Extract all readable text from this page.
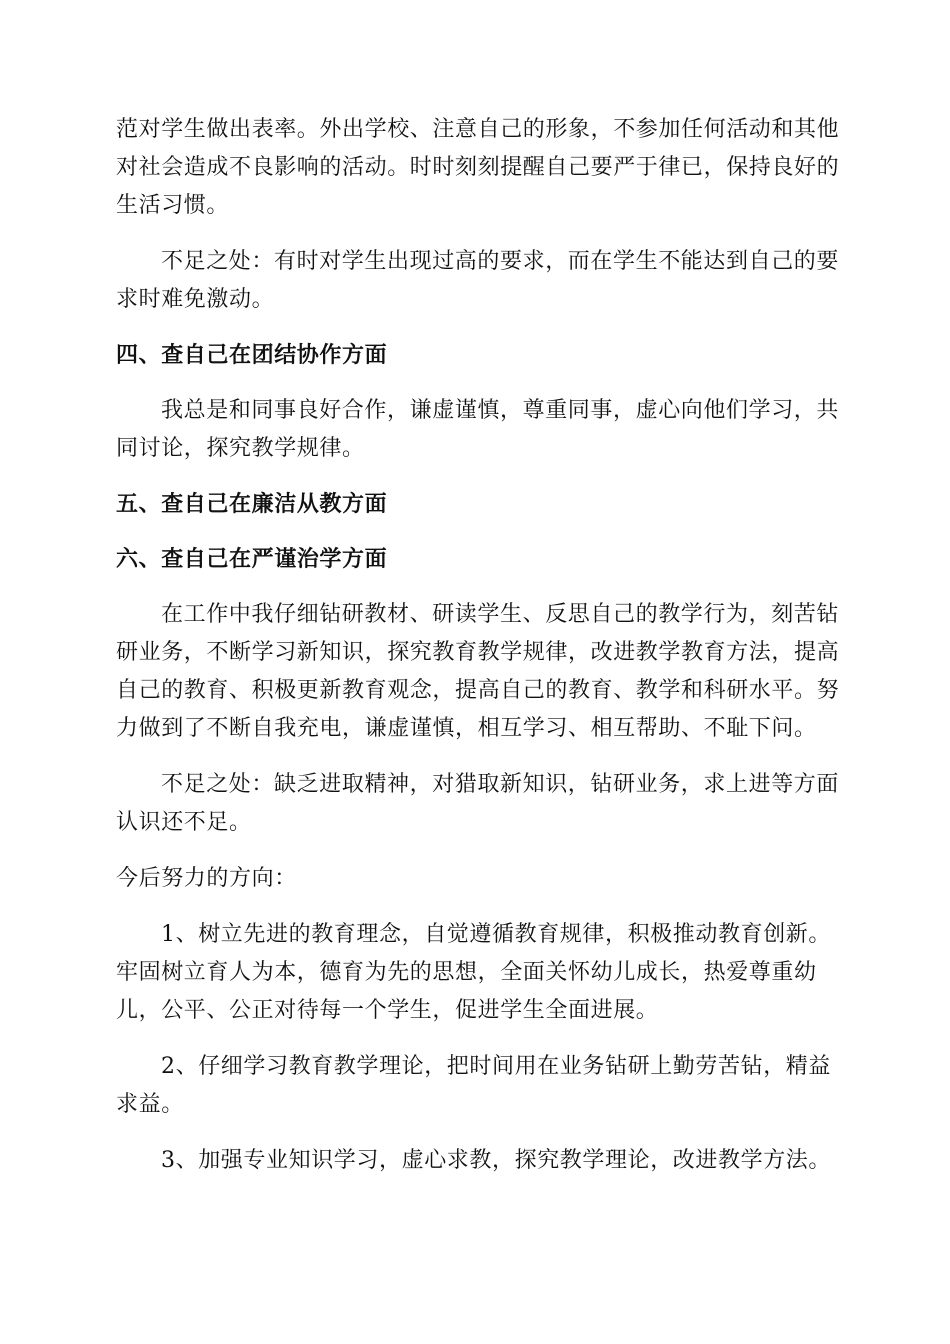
范对学生做出表率。外出学校、注意自己的形象，不参加任何活动和其他
对社会造成不良影响的活动。时时刻刻提醒自己要严于律已，保持良好的
生活习惯。
不足之处：有时对学生出现过高的要求，而在学生不能达到自己的要
求时难免激动。
四、查自己在团结协作方面
我总是和同事良好合作，谦虚谨慎，尊重同事，虚心向他们学习，共
同讨论，探究教学规律。
五、查自己在廉洁从教方面
六、查自己在严谨治学方面
在工作中我仔细钻研教材、研读学生、反思自己的教学行为，刻苦钻
研业务，不断学习新知识，探究教育教学规律，改进教学教育方法，提高
自己的教育、积极更新教育观念，提高自己的教育、教学和科研水平。努
力做到了不断自我充电，谦虚谨慎，相互学习、相互帮助、不耻下问。
不足之处：缺乏进取精神，对猎取新知识，钻研业务，求上进等方面
认识还不足。
今后努力的方向：
1、树立先进的教育理念，自觉遵循教育规律，积极推动教育创新。
牢固树立育人为本，德育为先的思想，全面关怀幼儿成长，热爱尊重幼
儿，公平、公正对待每一个学生，促进学生全面进展。
2、仔细学习教育教学理论，把时间用在业务钻研上勤劳苦钻，精益
求益。
3、加强专业知识学习，虚心求教，探究教学理论，改进教学方法。
